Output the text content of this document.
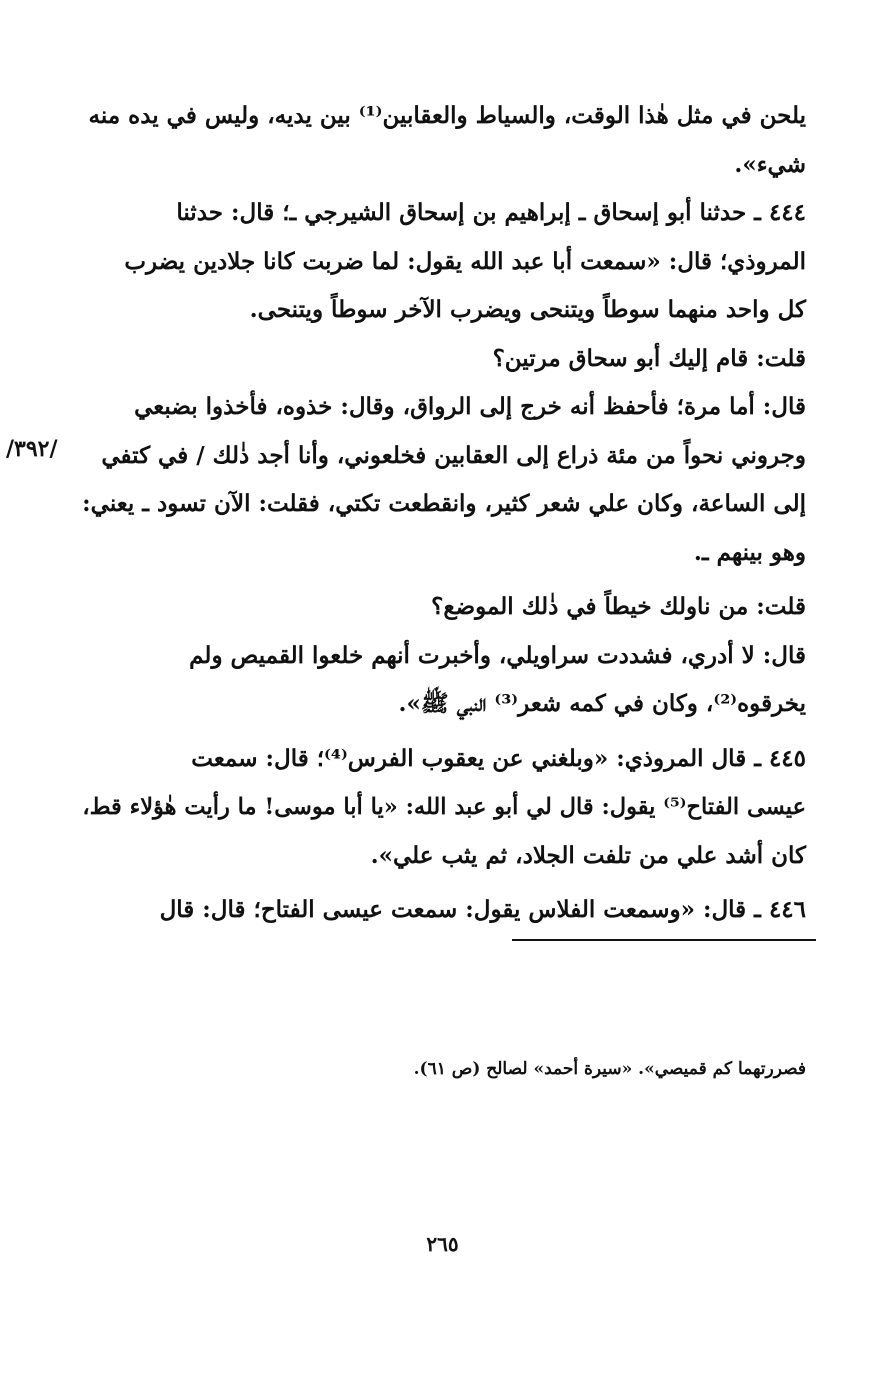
يلحن في مثل هٰذا الوقت، والسياط والعقابين⁽¹⁾ بين يديه، وليس في يده منه
شيء».
٤٤٤ ـ حدثنا أبو إسحاق ـ إبراهيم بن إسحاق الشيرجي ـ؛ قال: حدثنا
المروذي؛ قال: «سمعت أبا عبد الله يقول: لما ضربت كانا جلادين يضرب
كل واحد منهما سوطاً ويتنحى ويضرب الآخر سوطاً ويتنحى.
قلت: قام إليك أبو سحاق مرتين؟
قال: أما مرة؛ فأحفظ أنه خرج إلى الرواق، وقال: خذوه، فأخذوا بضبعي
وجروني نحواً من مئة ذراع إلى العقابين فخلعوني، وأنا أجد ذٰلك / في كتفي
إلى الساعة، وكان علي شعر كثير، وانقطعت تكتي، فقلت: الآن تسود ـ يعني:
وهو بينهم ـ.
قلت: من ناولك خيطاً في ذٰلك الموضع؟
قال: لا أدري، فشددت سراويلي، وأخبرت أنهم خلعوا القميص ولم
يخرقوه⁽²⁾، وكان في كمه شعر⁽³⁾ النبي ﷺ».
٤٤٥ ـ قال المروذي: «وبلغني عن يعقوب الفرس⁽⁴⁾؛ قال: سمعت
عيسى الفتاح⁽⁵⁾ يقول: قال لي أبو عبد الله: «يا أبا موسى! ما رأيت هٰؤلاء قط،
كان أشد علي من تلفت الجلاد، ثم يثب علي».
٤٤٦ ـ قال: «وسمعت الفلاس يقول: سمعت عيسى الفتاح؛ قال: قال
/٣٩٢/
فصررتهما كم قميصي». «سيرة أحمد» لصالح (ص ٦١).
٢٦٥
